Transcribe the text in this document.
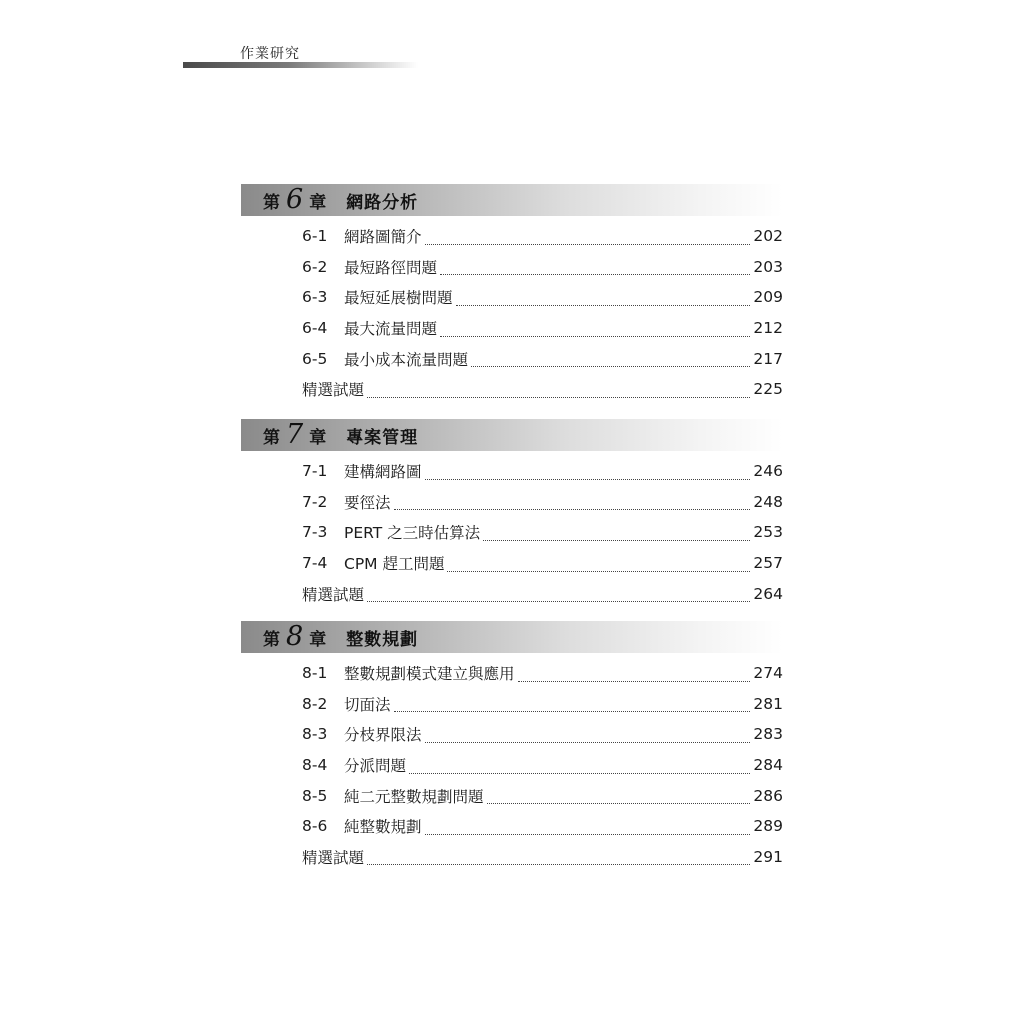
作業研究
第 6 章 網路分析
6-1	網路圖簡介	202
6-2	最短路徑問題	203
6-3	最短延展樹問題	209
6-4	最大流量問題	212
6-5	最小成本流量問題	217
精選試題	225
第 7 章 專案管理
7-1	建構網路圖	246
7-2	要徑法	248
7-3	PERT 之三時估算法	253
7-4	CPM 趕工問題	257
精選試題	264
第 8 章 整數規劃
8-1	整數規劃模式建立與應用	274
8-2	切面法	281
8-3	分枝界限法	283
8-4	分派問題	284
8-5	純二元整數規劃問題	286
8-6	純整數規劃	289
精選試題	291
